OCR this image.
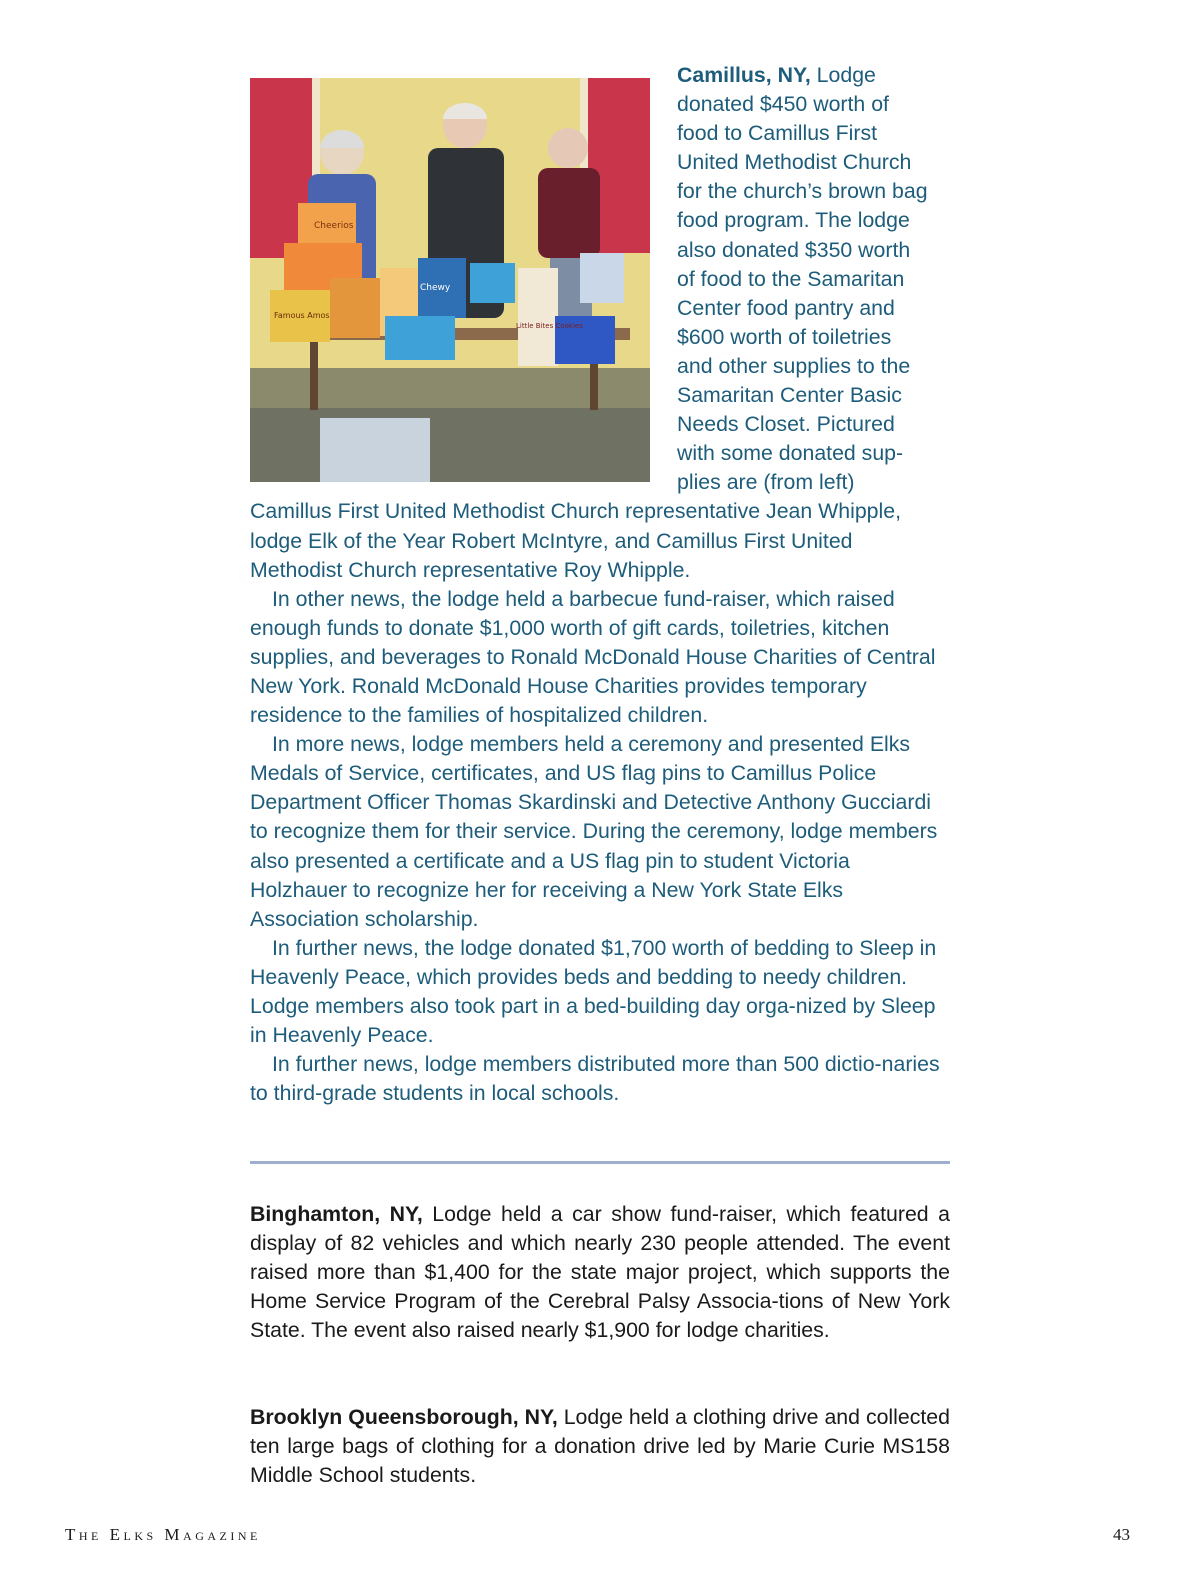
Cheerios
Famous Amos
Chewy
Little Bites Cookies
Camillus, NY, Lodge
donated $450 worth of
food to Camillus First
United Methodist Church
for the church’s brown bag
food program. The lodge
also donated $350 worth
of food to the Samaritan
Center food pantry and
$600 worth of toiletries
and other supplies to the
Samaritan Center Basic
Needs Closet. Pictured
with some donated sup-
plies are (from left)

Camillus First United Methodist Church representative Jean Whipple, lodge Elk of the Year Robert McIntyre, and Camillus First United Methodist Church representative Roy Whipple.

In other news, the lodge held a barbecue fund-raiser, which raised enough funds to donate $1,000 worth of gift cards, toiletries, kitchen supplies, and beverages to Ronald McDonald House Charities of Central New York. Ronald McDonald House Charities provides temporary residence to the families of hospitalized children.

In more news, lodge members held a ceremony and presented Elks Medals of Service, certificates, and US flag pins to Camillus Police Department Officer Thomas Skardinski and Detective Anthony Gucciardi to recognize them for their service. During the ceremony, lodge members also presented a certificate and a US flag pin to student Victoria Holzhauer to recognize her for receiving a New York State Elks Association scholarship.

In further news, the lodge donated $1,700 worth of bedding to Sleep in Heavenly Peace, which provides beds and bedding to needy children. Lodge members also took part in a bed-building day orga-nized by Sleep in Heavenly Peace.

In further news, lodge members distributed more than 500 dictio-naries to third-grade students in local schools.

Binghamton, NY, Lodge held a car show fund-raiser, which featured a display of 82 vehicles and which nearly 230 people attended. The event raised more than $1,400 for the state major project, which supports the Home Service Program of the Cerebral Palsy Associa-tions of New York State. The event also raised nearly $1,900 for lodge charities.

Brooklyn Queensborough, NY, Lodge held a clothing drive and collected ten large bags of clothing for a donation drive led by Marie Curie MS158 Middle School students.

The Elks Magazine	43
